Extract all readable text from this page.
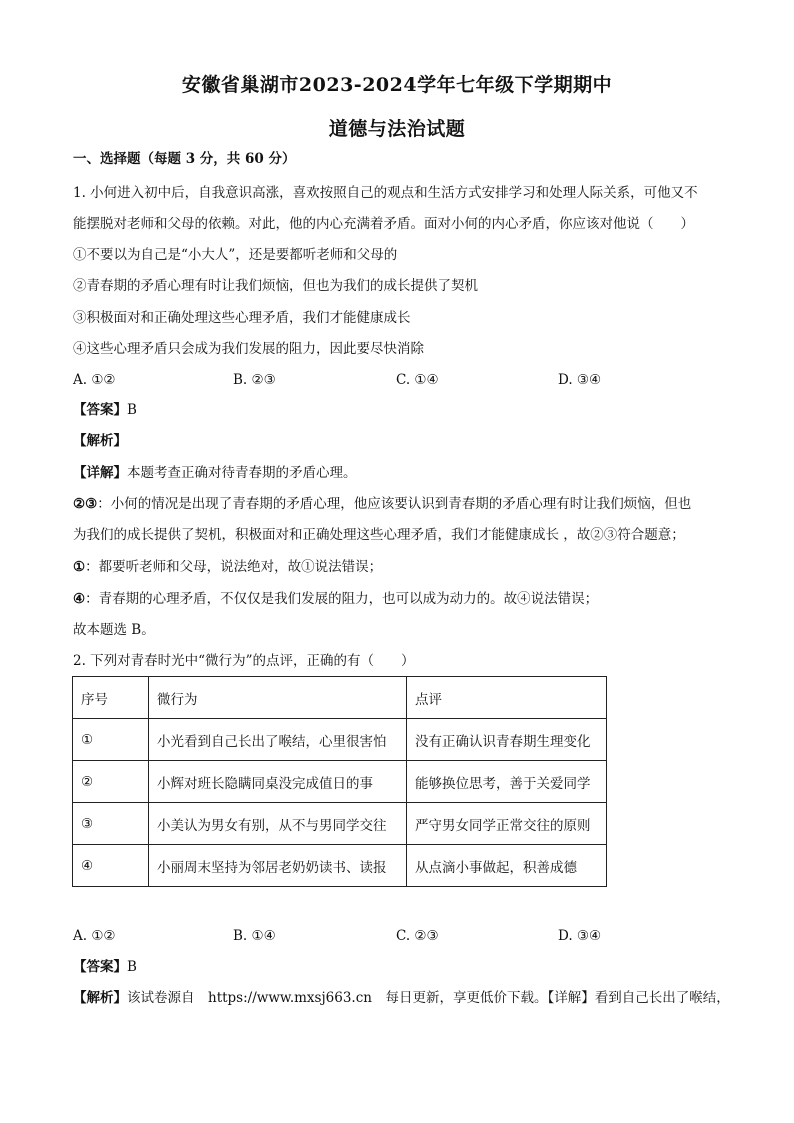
安徽省巢湖市2023-2024学年七年级下学期期中
道德与法治试题
一、选择题（每题 3 分，共 60 分）
1. 小何进入初中后，自我意识高涨，喜欢按照自己的观点和生活方式安排学习和处理人际关系，可他又不
能摆脱对老师和父母的依赖。对此，他的内心充满着矛盾。面对小何的内心矛盾，你应该对他说（　　）
①不要以为自己是“小大人”，还是要都听老师和父母的
②青春期的矛盾心理有时让我们烦恼，但也为我们的成长提供了契机
③积极面对和正确处理这些心理矛盾，我们才能健康成长
④这些心理矛盾只会成为我们发展的阻力，因此要尽快消除
A. ①②	B. ②③	C. ①④	D. ③④
【答案】B
【解析】
【详解】本题考查正确对待青春期的矛盾心理。
②③：小何的情况是出现了青春期的矛盾心理，他应该要认识到青春期的矛盾心理有时让我们烦恼，但也
为我们的成长提供了契机，积极面对和正确处理这些心理矛盾，我们才能健康成长 ，故②③符合题意；
①：都要听老师和父母，说法绝对，故①说法错误；
④：青春期的心理矛盾，不仅仅是我们发展的阻力，也可以成为动力的。故④说法错误；
故本题选 B。
2. 下列对青春时光中“微行为”的点评，正确的有（　　）
序号	微行为	点评
①	小光看到自己长出了喉结，心里很害怕	没有正确认识青春期生理变化
②	小辉对班长隐瞒同桌没完成值日的事	能够换位思考，善于关爱同学
③	小美认为男女有别，从不与男同学交往	严守男女同学正常交往的原则
④	小丽周末坚持为邻居老奶奶读书、读报	从点滴小事做起，积善成德
A. ①②	B. ①④	C. ②③	D. ③④
【答案】B
【解析】该试卷源自　https://www.mxsj663.cn　每日更新，享更低价下载。【详解】看到自己长出了喉结，
